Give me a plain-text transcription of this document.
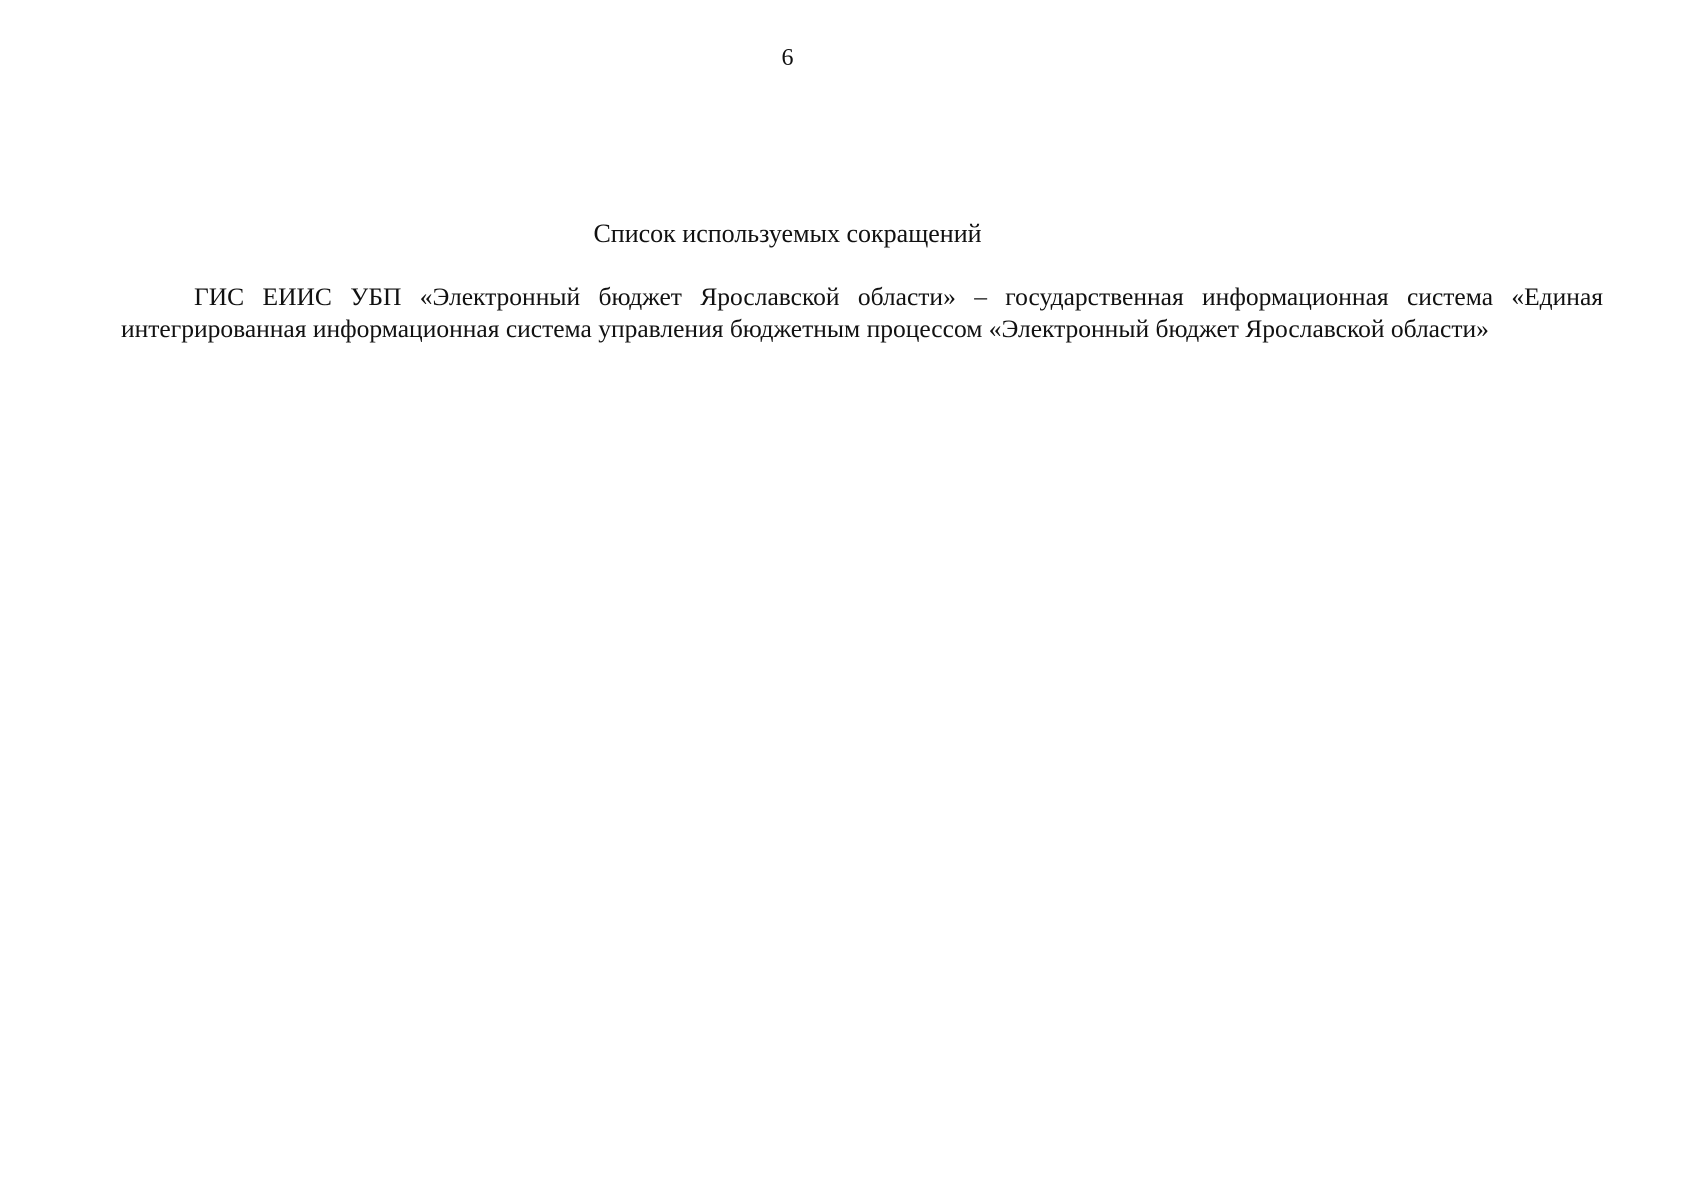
6
Список используемых сокращений

ГИС ЕИИС УБП «Электронный бюджет Ярославской области» – государственная информационная система «Единая интегрированная информационная система управления бюджетным процессом «Электронный бюджет Ярославской области»
